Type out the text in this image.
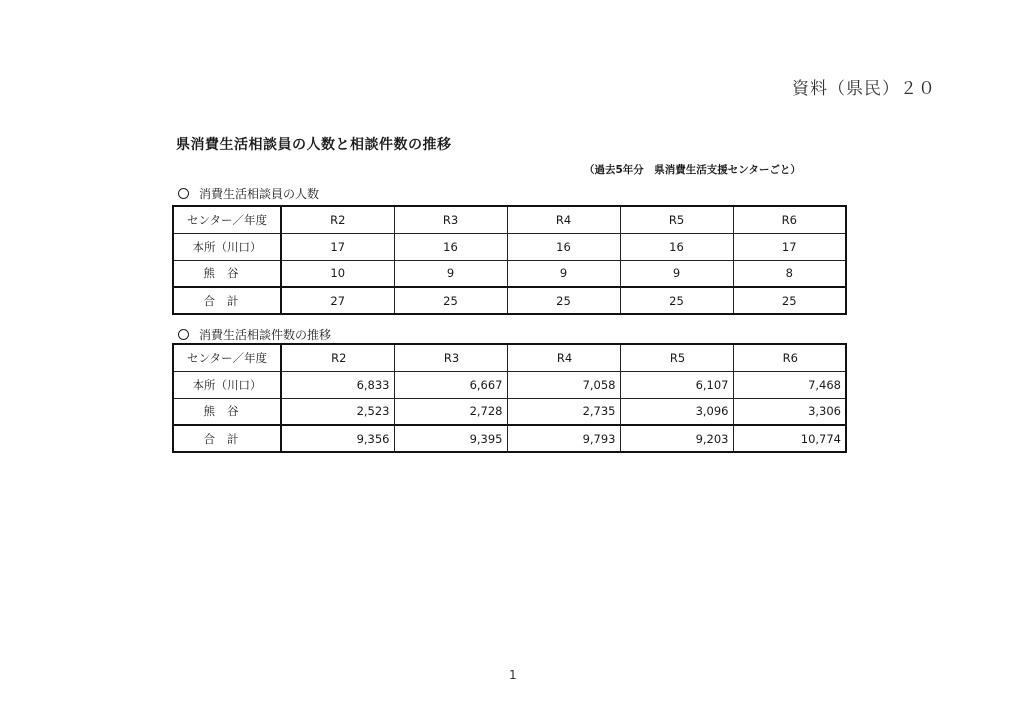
資料（県民）２０
県消費生活相談員の人数と相談件数の推移
（過去5年分　県消費生活支援センターごと）
消費生活相談員の人数
センター／年度	R2	R3	R4	R5	R6
本所（川口）	17	16	16	16	17
熊谷	10	9	9	9	8
合計	27	25	25	25	25
消費生活相談件数の推移
センター／年度	R2	R3	R4	R5	R6
本所（川口）	6,833	6,667	7,058	6,107	7,468
熊谷	2,523	2,728	2,735	3,096	3,306
合計	9,356	9,395	9,793	9,203	10,774
1
